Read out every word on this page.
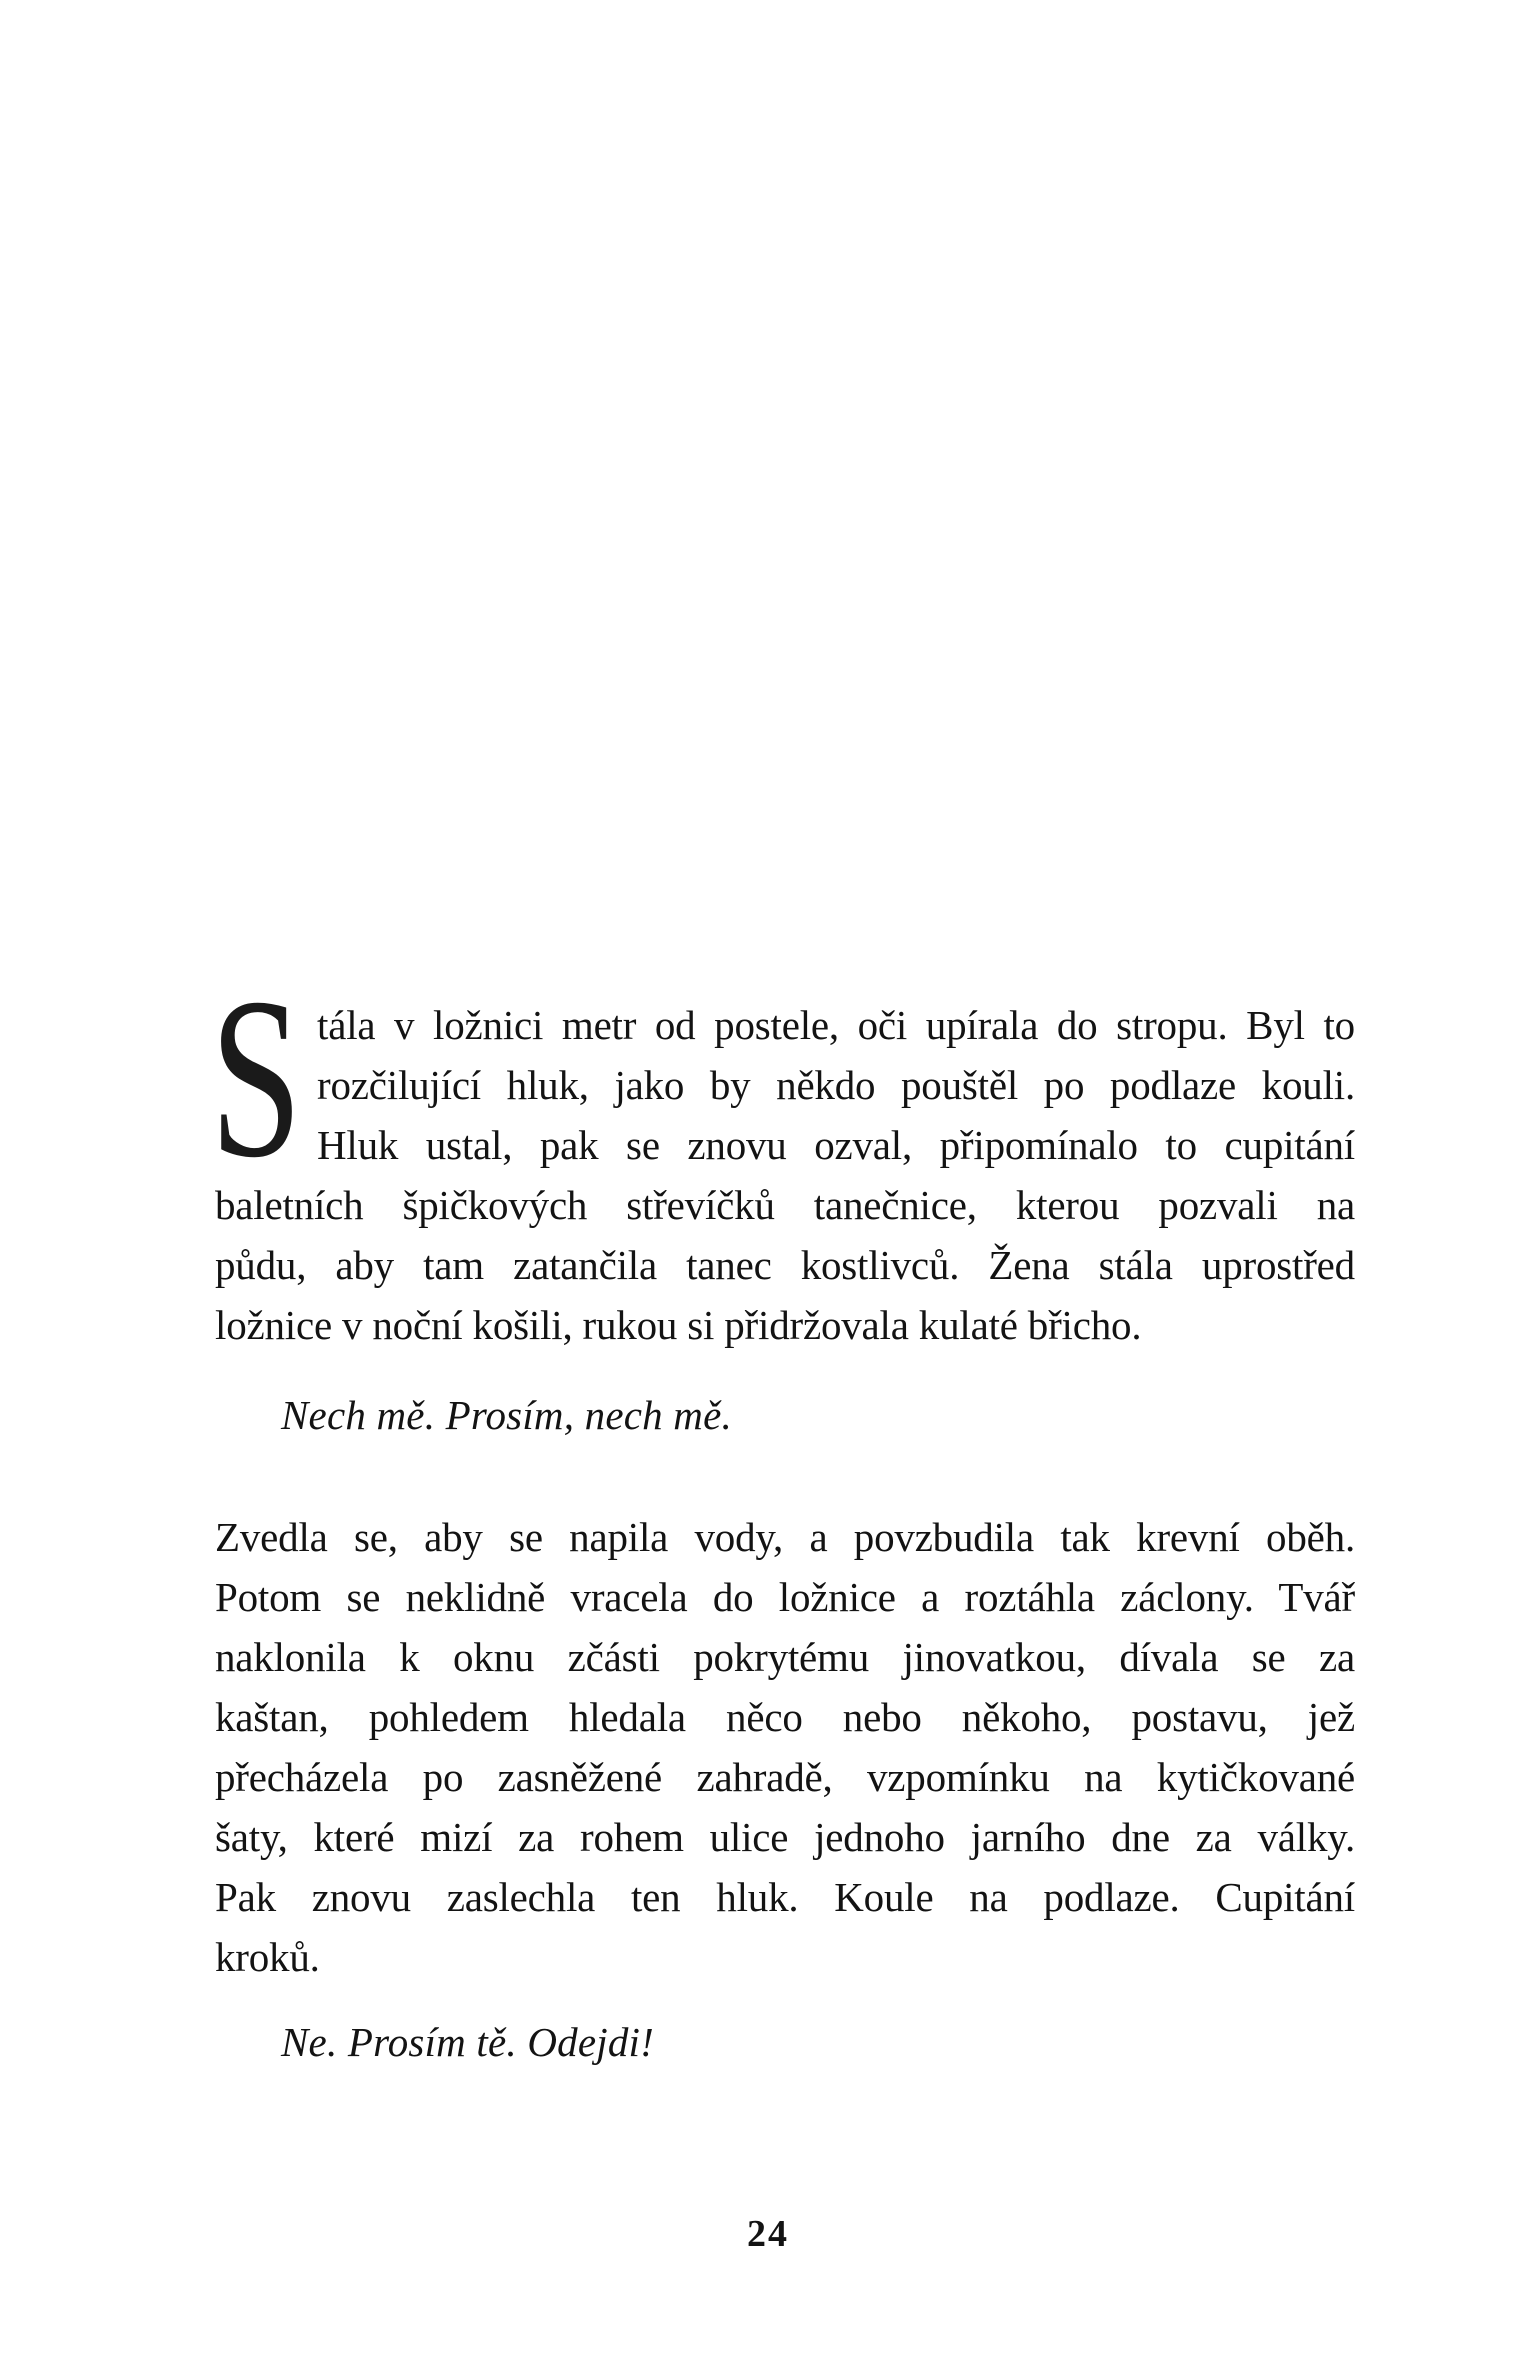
S tála v ložnici metr od postele, oči upírala do stropu. Byl to
rozčilující hluk, jako by někdo pouštěl po podlaze kouli.
Hluk ustal, pak se znovu ozval, připomínalo to cupitání
baletních špičkových střevíčků tanečnice, kterou pozvali na
půdu, aby tam zatančila tanec kostlivců. Žena stála uprostřed
ložnice v noční košili, rukou si přidržovala kulaté břicho.
Nech mě. Prosím, nech mě.
Zvedla se, aby se napila vody, a povzbudila tak krevní oběh.
Potom se neklidně vracela do ložnice a roztáhla záclony. Tvář
naklonila k oknu zčásti pokrytému jinovatkou, dívala se za
kaštan, pohledem hledala něco nebo někoho, postavu, jež
přecházela po zasněžené zahradě, vzpomínku na kytičkované
šaty, které mizí za rohem ulice jednoho jarního dne za války.
Pak znovu zaslechla ten hluk. Koule na podlaze. Cupitání
kroků.
Ne. Prosím tě. Odejdi!
24
